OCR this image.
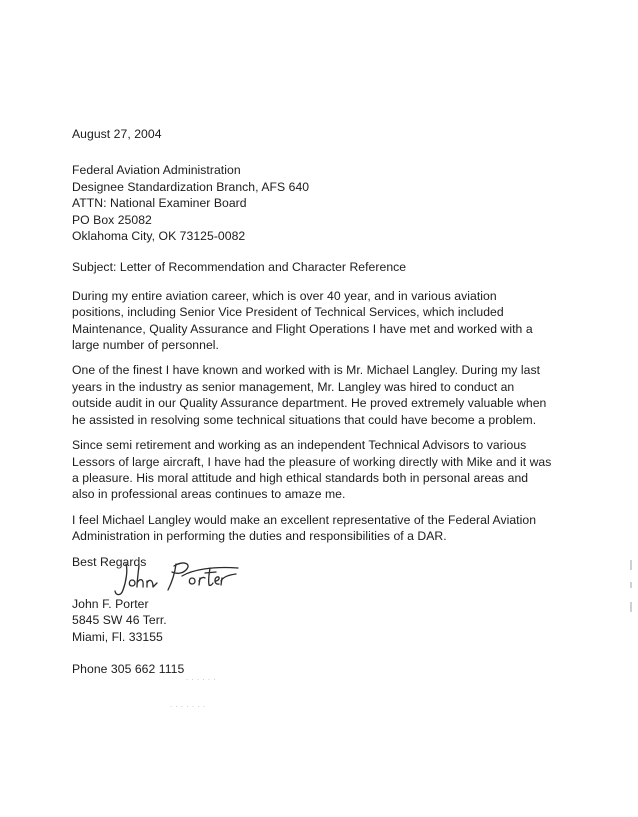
August 27, 2004
Federal Aviation Administration
Designee Standardization Branch, AFS 640
ATTN: National Examiner Board
PO Box 25082
Oklahoma City, OK 73125-0082
Subject: Letter of Recommendation and Character Reference
During my entire aviation career, which is over 40 year, and in various aviation
positions, including Senior Vice President of Technical Services, which included
Maintenance, Quality Assurance and Flight Operations I have met and worked with a
large number of personnel.
One of the finest I have known and worked with is Mr. Michael Langley. During my last
years in the industry as senior management, Mr. Langley was hired to conduct an
outside audit in our Quality Assurance department. He proved extremely valuable when
he assisted in resolving some technical situations that could have become a problem.
Since semi retirement and working as an independent Technical Advisors to various
Lessors of large aircraft, I have had the pleasure of working directly with Mike and it was
a pleasure. His moral attitude and high ethical standards both in personal areas and
also in professional areas continues to amaze me.
I feel Michael Langley would make an excellent representative of the Federal Aviation
Administration in performing the duties and responsibilities of a DAR.
Best Regards
John F. Porter
5845 SW 46 Terr.
Miami, Fl. 33155
Phone 305 662 1115
· · · · · ·
· · · · · · ·
